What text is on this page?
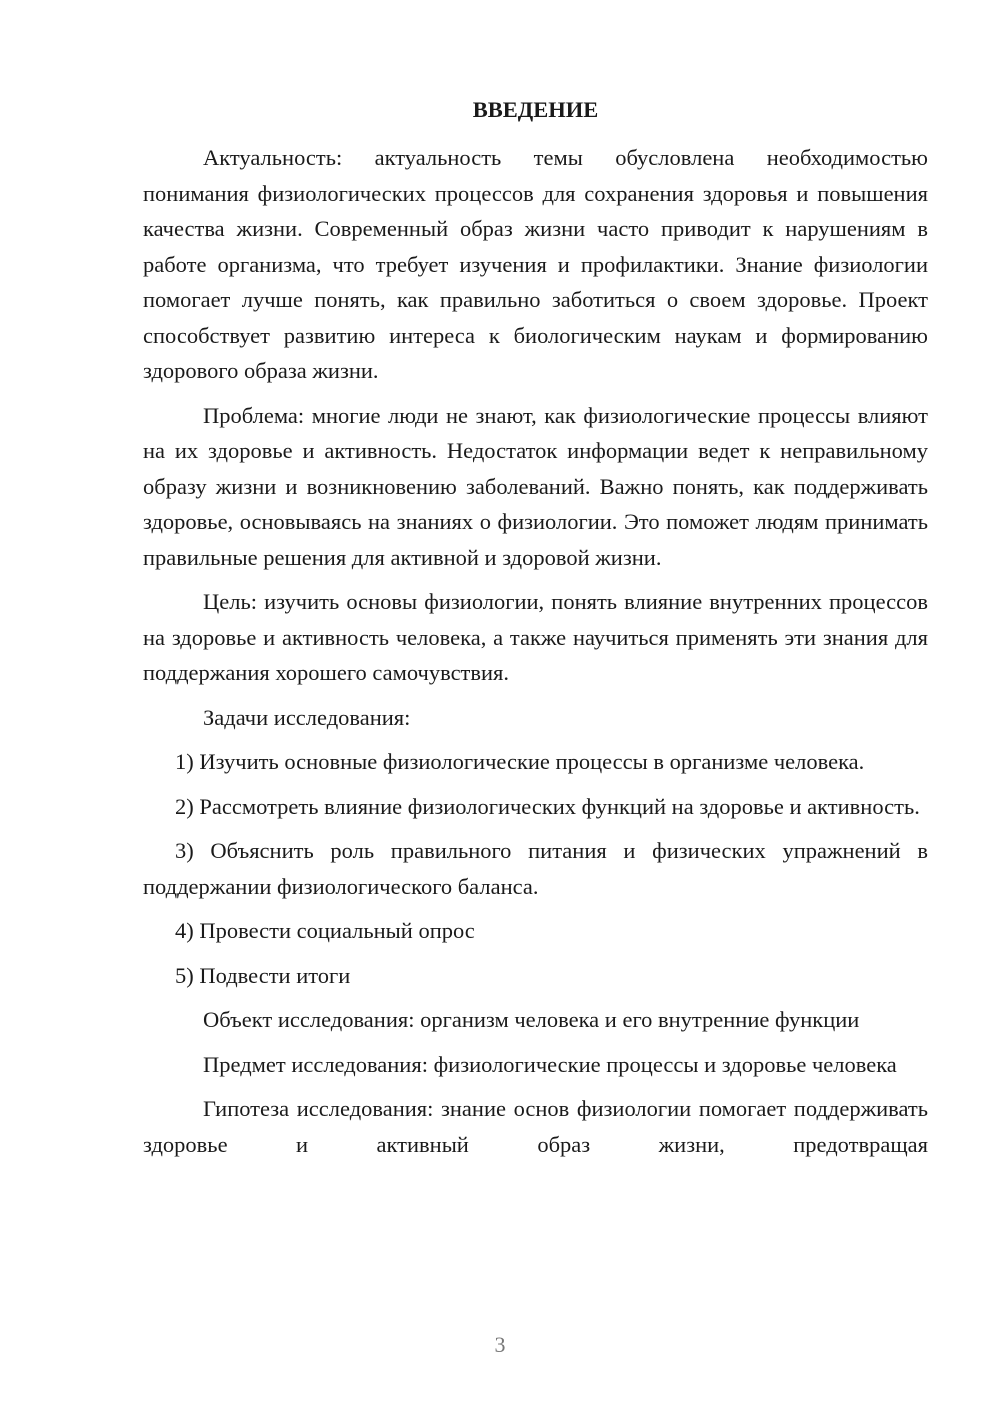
ВВЕДЕНИЕ

Актуальность: актуальность темы обусловлена необходимостью понимания физиологических процессов для сохранения здоровья и повышения качества жизни. Современный образ жизни часто приводит к нарушениям в работе организма, что требует изучения и профилактики. Знание физиологии помогает лучше понять, как правильно заботиться о своем здоровье. Проект способствует развитию интереса к биологическим наукам и формированию здорового образа жизни.

Проблема: многие люди не знают, как физиологические процессы влияют на их здоровье и активность. Недостаток информации ведет к неправильному образу жизни и возникновению заболеваний. Важно понять, как поддерживать здоровье, основываясь на знаниях о физиологии. Это поможет людям принимать правильные решения для активной и здоровой жизни.

Цель: изучить основы физиологии, понять влияние внутренних процессов на здоровье и активность человека, а также научиться применять эти знания для поддержания хорошего самочувствия.

Задачи исследования:

1) Изучить основные физиологические процессы в организме человека.

2) Рассмотреть влияние физиологических функций на здоровье и активность.

3) Объяснить роль правильного питания и физических упражнений в поддержании физиологического баланса.

4) Провести социальный опрос

5) Подвести итоги

Объект исследования: организм человека и его внутренние функции

Предмет исследования: физиологические процессы и здоровье человека

Гипотеза исследования: знание основ физиологии помогает поддерживать здоровье и активный образ жизни, предотвращая

3
